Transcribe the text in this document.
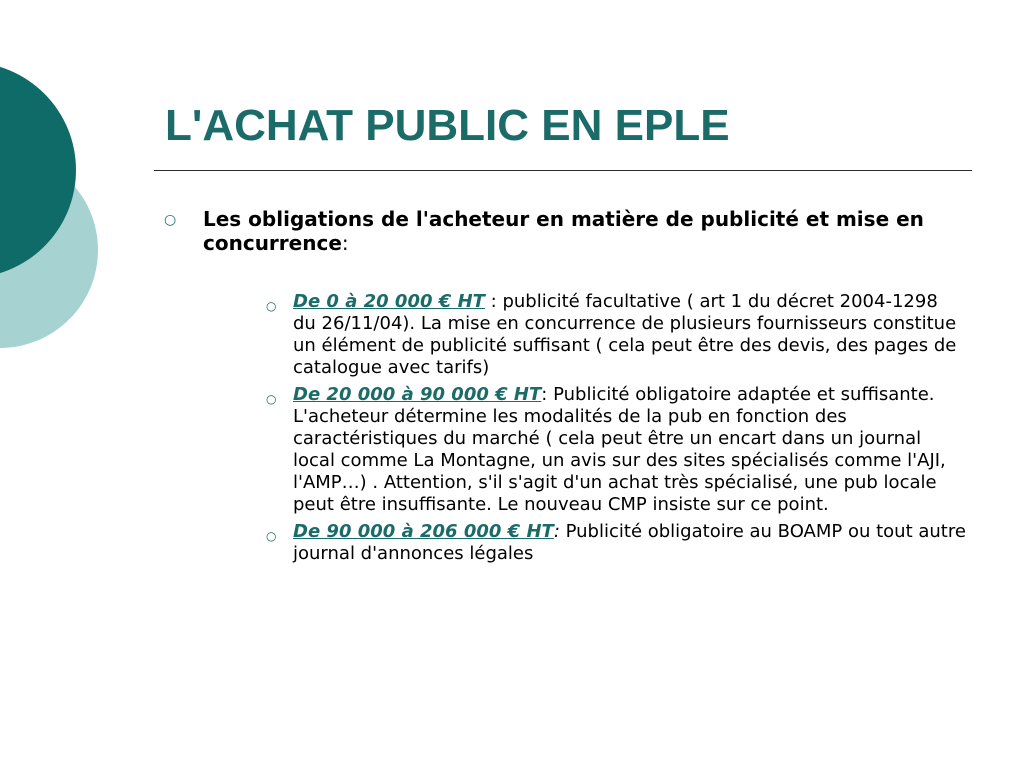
L'ACHAT PUBLIC EN EPLE
○ Les obligations de l'acheteur en matière de publicité et mise en concurrence:
○ De 0 à 20 000 € HT : publicité facultative ( art 1 du décret 2004-1298 du 26/11/04). La mise en concurrence de plusieurs fournisseurs constitue un élément de publicité suffisant ( cela peut être des devis, des pages de catalogue avec tarifs)
○ De 20 000 à 90 000 € HT: Publicité obligatoire adaptée et suffisante. L'acheteur détermine les modalités de la pub en fonction des caractéristiques du marché ( cela peut être un encart dans un journal local comme La Montagne, un avis sur des sites spécialisés comme l'AJI, l'AMP…) . Attention, s'il s'agit d'un achat très spécialisé, une pub locale peut être insuffisante. Le nouveau CMP insiste sur ce point.
○ De 90 000 à 206 000 € HT: Publicité obligatoire au BOAMP ou tout autre journal d'annonces légales
